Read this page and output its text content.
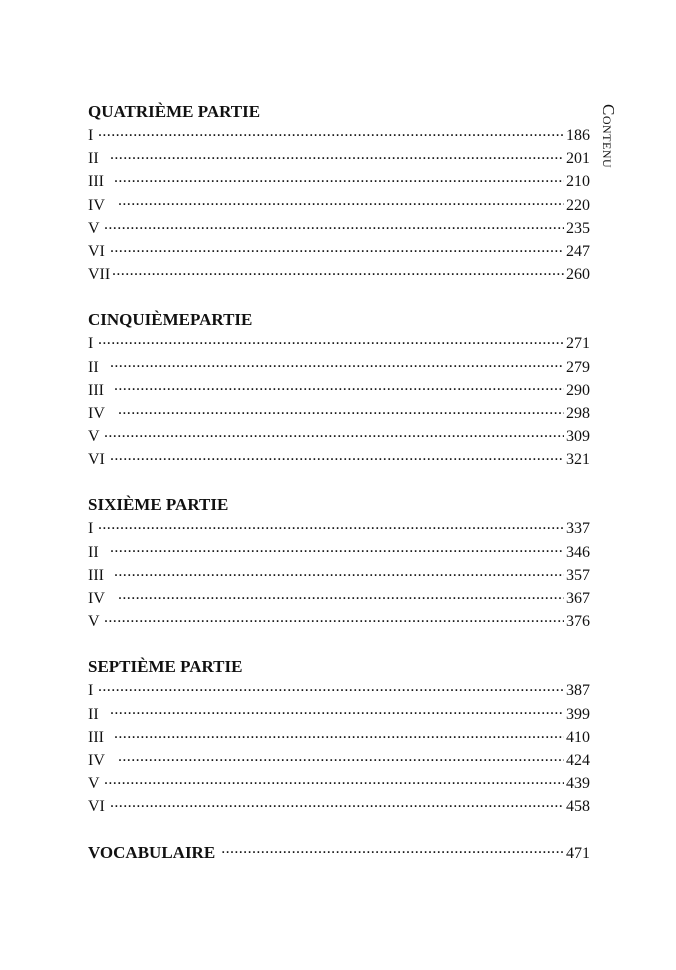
Contenu
QUATRIÈME PARTIE
I .....	186
II .....	201
III .....	210
IV .....	220
V .....	235
VI .....	247
VII .....	260
CINQUIÈMEPARTIE
I .....	271
II .....	279
III .....	290
IV .....	298
V .....	309
VI .....	321
SIXIÈME PARTIE
I .....	337
II .....	346
III .....	357
IV .....	367
V .....	376
SEPTIÈME PARTIE
I .....	387
II .....	399
III .....	410
IV .....	424
V .....	439
VI .....	458
VOCABULAIRE .....	471
